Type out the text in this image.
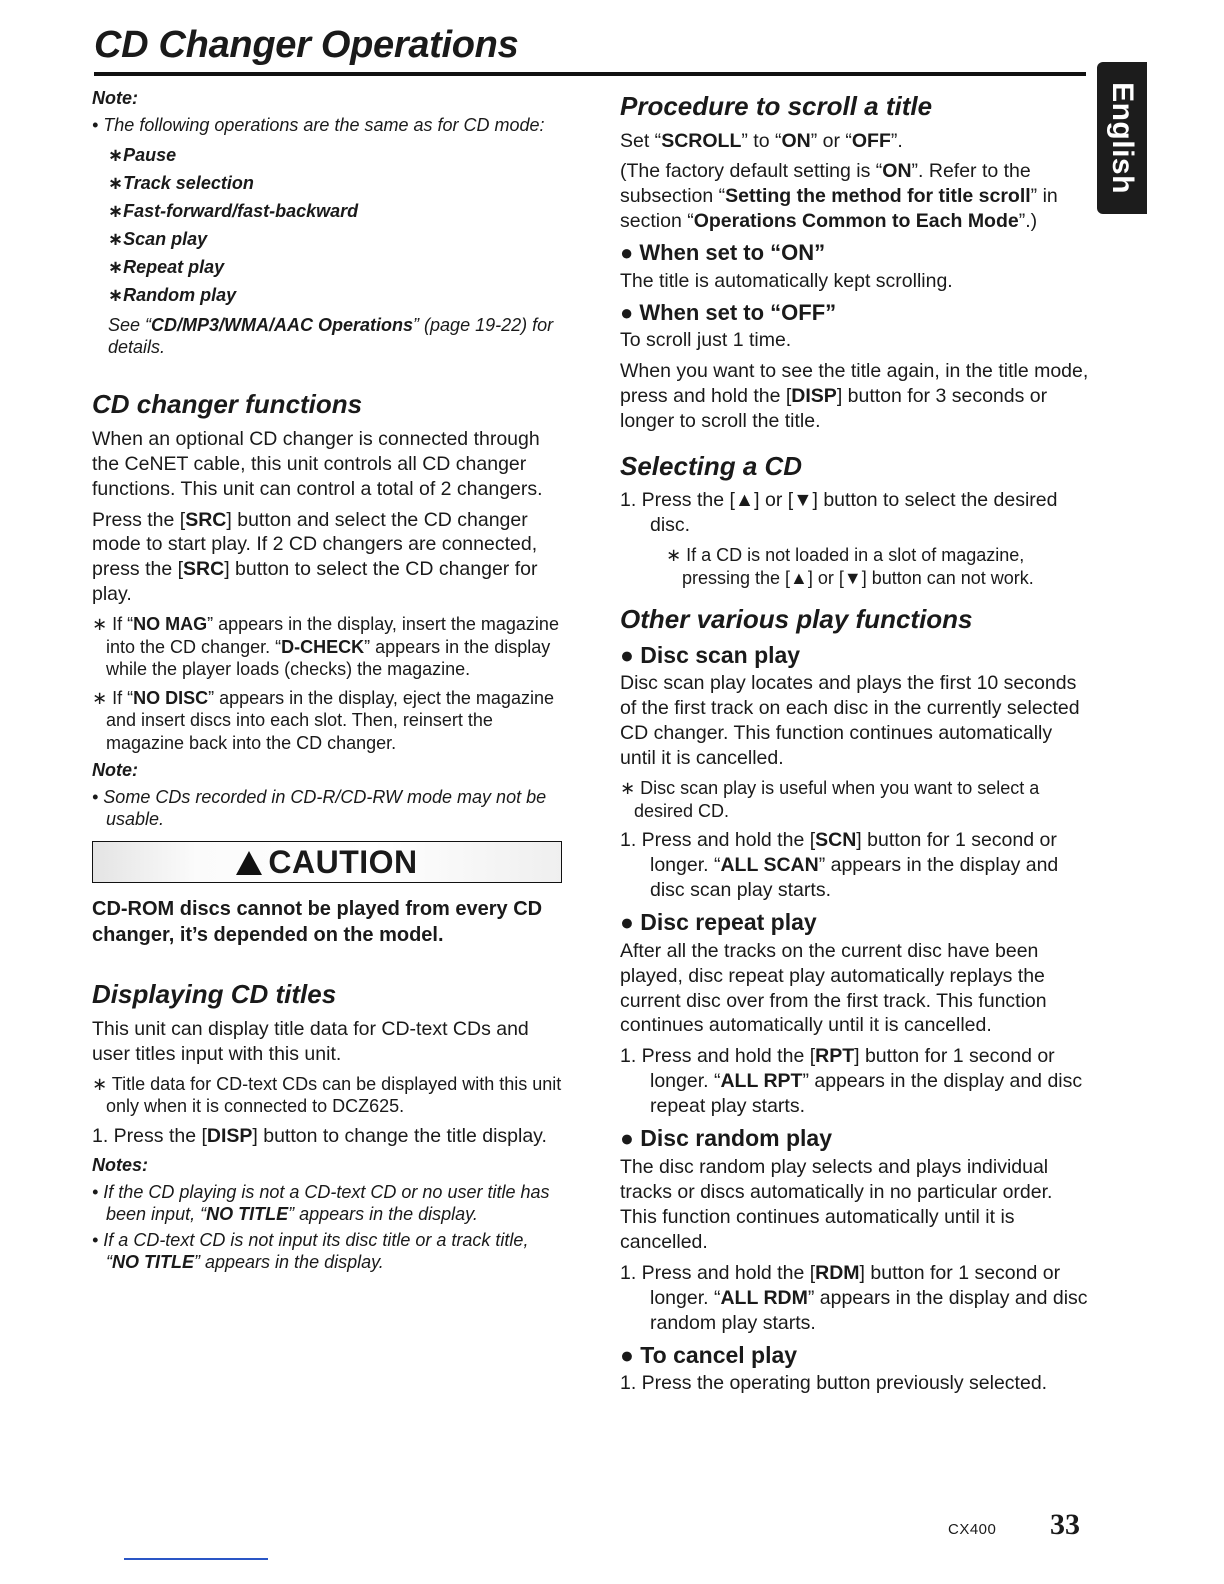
CD Changer Operations
English
Note:
• The following operations are the same as for CD mode:
∗Pause
∗Track selection
∗Fast-forward/fast-backward
∗Scan play
∗Repeat play
∗Random play
See “CD/MP3/WMA/AAC Operations” (page 19-22) for details.
CD changer functions
When an optional CD changer is connected through the CeNET cable, this unit controls all CD changer functions. This unit can control a total of 2 changers.
Press the [SRC] button and select the CD changer mode to start play. If 2 CD changers are connected, press the [SRC] button to select the CD changer for play.
∗ If “NO MAG” appears in the display, insert the magazine into the CD changer. “D-CHECK” appears in the display while the player loads (checks) the magazine.
∗ If “NO DISC” appears in the display, eject the magazine and insert discs into each slot. Then, reinsert the magazine back into the CD changer.
Note:
• Some CDs recorded in CD-R/CD-RW mode may not be usable.
CAUTION
CD-ROM discs cannot be played from every CD changer, it’s depended on the model.
Displaying CD titles
This unit can display title data for CD-text CDs and user titles input with this unit.
∗ Title data for CD-text CDs can be displayed with this unit only when it is connected to DCZ625.
1. Press the [DISP] button to change the title display.
Notes:
• If the CD playing is not a CD-text CD or no user title has been input, “NO TITLE” appears in the display.
• If a CD-text CD is not input its disc title or a track title, “NO TITLE” appears in the display.
Procedure to scroll a title
Set “SCROLL” to “ON” or “OFF”.
(The factory default setting is “ON”. Refer to the subsection “Setting the method for title scroll” in section “Operations Common to Each Mode”.)
● When set to “ON”
The title is automatically kept scrolling.
● When set to “OFF”
To scroll just 1 time.
When you want to see the title again, in the title mode, press and hold the [DISP] button for 3 seconds or longer to scroll the title.
Selecting a CD
1. Press the [▲] or [▼] button to select the desired disc.
∗ If a CD is not loaded in a slot of magazine, pressing the [▲] or [▼] button can not work.
Other various play functions
● Disc scan play
Disc scan play locates and plays the first 10 seconds of the first track on each disc in the currently selected CD changer. This function continues automatically until it is cancelled.
∗ Disc scan play is useful when you want to select a desired CD.
1. Press and hold the [SCN] button for 1 second or longer. “ALL SCAN” appears in the display and disc scan play starts.
● Disc repeat play
After all the tracks on the current disc have been played, disc repeat play automatically replays the current disc over from the first track. This function continues automatically until it is cancelled.
1. Press and hold the [RPT] button for 1 second or longer. “ALL RPT” appears in the display and disc repeat play starts.
● Disc random play
The disc random play selects and plays individual tracks or discs automatically in no particular order. This function continues automatically until it is cancelled.
1. Press and hold the [RDM] button for 1 second or longer. “ALL RDM” appears in the display and disc random play starts.
● To cancel play
1. Press the operating button previously selected.
CX400 33
